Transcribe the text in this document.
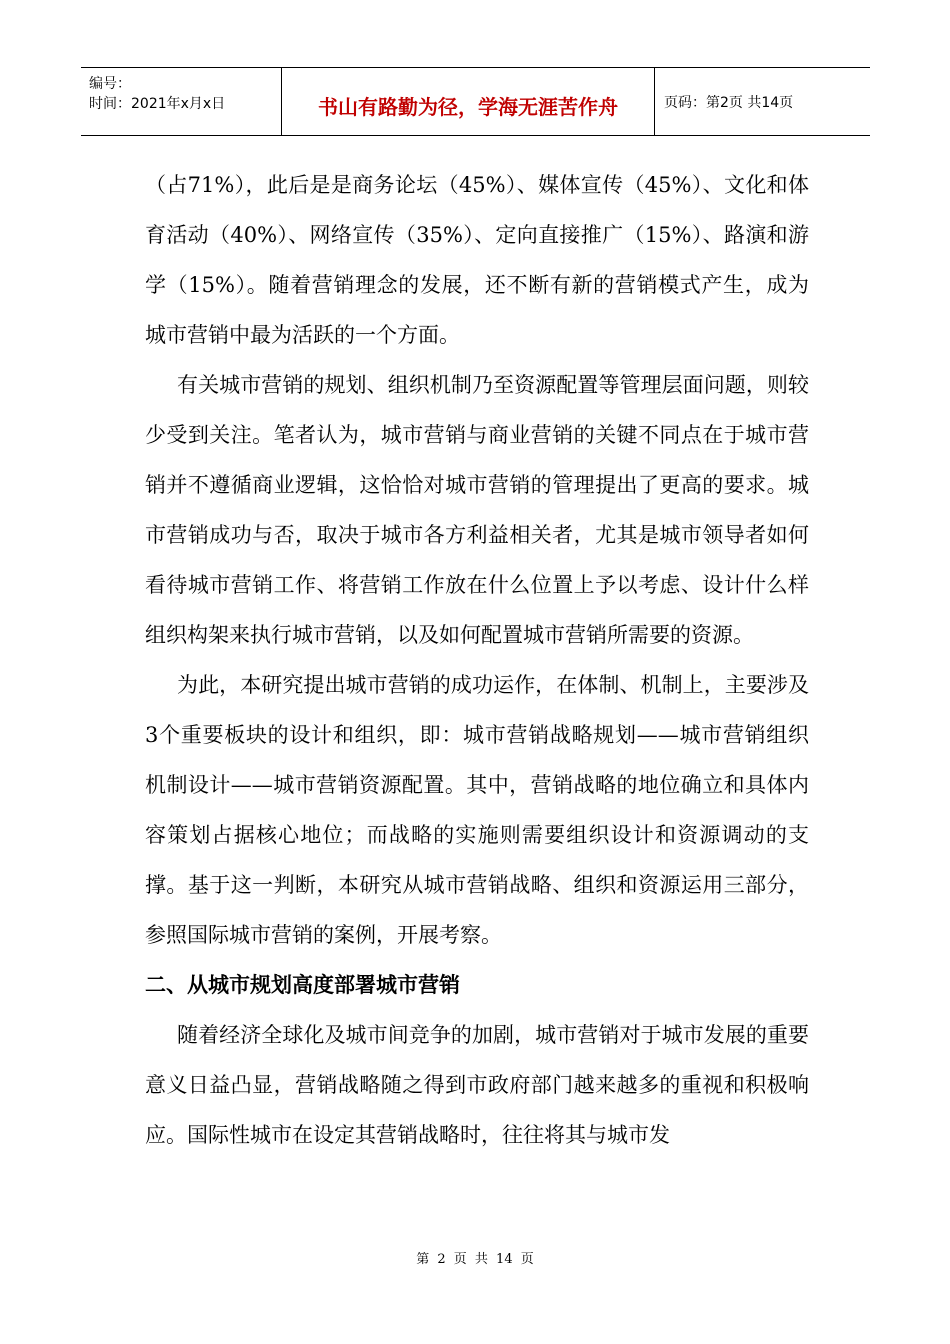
编号：
时间：2021年x月x日	书山有路勤为径，学海无涯苦作舟	页码：第2页 共14页

（占71%），此后是是商务论坛（45%）、媒体宣传（45%）、文化和体育活动（40%）、网络宣传（35%）、定向直接推广（15%）、路演和游学（15%）。随着营销理念的发展，还不断有新的营销模式产生，成为城市营销中最为活跃的一个方面。

有关城市营销的规划、组织机制乃至资源配置等管理层面问题，则较少受到关注。笔者认为，城市营销与商业营销的关键不同点在于城市营销并不遵循商业逻辑，这恰恰对城市营销的管理提出了更高的要求。城市营销成功与否，取决于城市各方利益相关者，尤其是城市领导者如何看待城市营销工作、将营销工作放在什么位置上予以考虑、设计什么样组织构架来执行城市营销，以及如何配置城市营销所需要的资源。

为此，本研究提出城市营销的成功运作，在体制、机制上，主要涉及3个重要板块的设计和组织，即：城市营销战略规划——城市营销组织机制设计——城市营销资源配置。其中，营销战略的地位确立和具体内容策划占据核心地位；而战略的实施则需要组织设计和资源调动的支撑。基于这一判断，本研究从城市营销战略、组织和资源运用三部分，参照国际城市营销的案例，开展考察。

二、从城市规划高度部署城市营销

随着经济全球化及城市间竞争的加剧，城市营销对于城市发展的重要意义日益凸显，营销战略随之得到市政府部门越来越多的重视和积极响应。国际性城市在设定其营销战略时，往往将其与城市发

第 2 页 共 14 页
